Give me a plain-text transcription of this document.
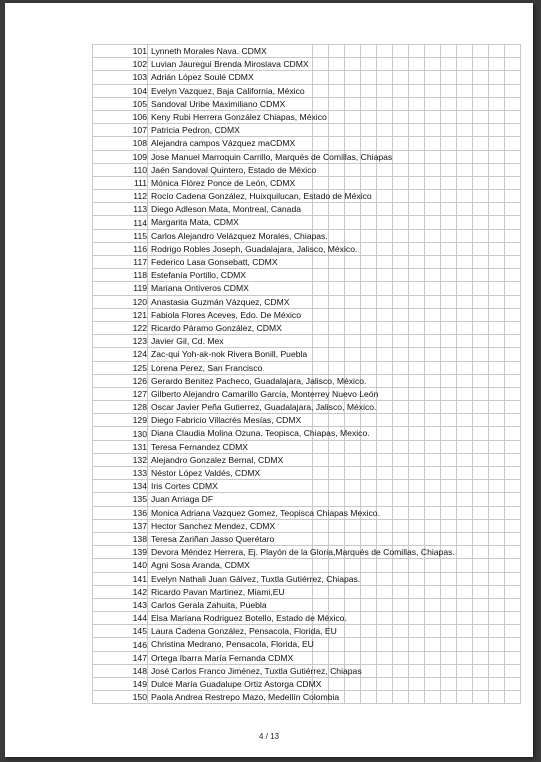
101	Lynneth Morales Nava. CDMX													

102	Luvian Jauregui Brenda Miroslava CDMX													

103	Adrián López Soulé CDMX													

104	Evelyn Vazquez, Baja California, México													

105	Sandoval Uribe Maximiliano CDMX													

106	Keny Rubi Herrera González Chiapas, México													

107	Patricia Pedron, CDMX													

108	Alejandra campos Vázquez maCDMX													

109	Jose Manuel Marroquin Carrillo, Marqués de Comillas, Chiapas													

110	Jaén Sandoval Quintero, Estado de México													

111	Mónica Flórez Ponce de León, CDMX													

112	Rocío Cadena González, Huixquilucan, Estado de México													

113	Diego Adleson Mata, Montreal, Canada													

114	Margarita Mata, CDMX													

115	Carlos Alejandro Velázquez Morales, Chiapas.													

116	Rodrigo Robles Joseph, Guadalajara, Jalisco, México.													

117	Federico Lasa Gonsebatt, CDMX													

118	Estefanía Portillo, CDMX													

119	Mariana Ontiveros CDMX													

120	Anastasia Guzmán Vázquez, CDMX													

121	Fabiola Flores Aceves, Edo. De México													

122	Ricardo Páramo González, CDMX													

123	Javier Gil, Cd. Mex													

124	Zac-qui Yoh-ak-nok Rivera Bonill, Puebla													

125	Lorena Perez, San Francisco													

126	Gerardo Benitez Pacheco, Guadalajara, Jalisco, México.													

127	Gilberto Alejandro Camarillo García, Monterrey Nuevo León													

128	Oscar Javier Peña Gutierrez, Guadalajara, Jalisco, México.													

129	Diego Fabricio Villacrés Mesías, CDMX													

130	Diana Claudia Molina Ozuna. Teopisca, Chiapas, Mexico.													

131	Teresa Fernandez CDMX													

132	Alejandro Gonzalez Bernal, CDMX													

133	Néstor López Valdés, CDMX													

134	Iris Cortes CDMX													

135	Juan Arriaga DF													

136	Monica Adriana Vazquez Gomez, Teopisca Chiapas Mexico.													

137	Hector Sanchez Mendez, CDMX													

138	Teresa Zariñan Jasso Querétaro													

139	Devora Méndez Herrera, Ej. Playón de la Gloria,Marqués de Comillas, Chiapas.													

140	Agni Sosa Aranda, CDMX													

141	Evelyn Nathali Juan Gálvez, Tuxtla Gutiérrez, Chiapas.													

142	Ricardo Pavan Martinez, Miami,EU													

143	Carlos Gerala Zahuita, Puebla													

144	Elsa Mariana Rodriguez Botello, Estado de México.													

145	Laura Cadena González, Pensacola, Florida, EU													

146	Christina Medrano, Pensacola, Florida, EU													

147	Ortega Ibarra María Fernanda CDMX													

148	José Carlos Franco Jiménez, Tuxtla Gutiérrez, Chiapas													

149	Dulce María Guadalupe Ortiz Astorga CDMX													

150	Paola Andrea Restrepo Mazo, Medellín Colombia													

4 / 13
